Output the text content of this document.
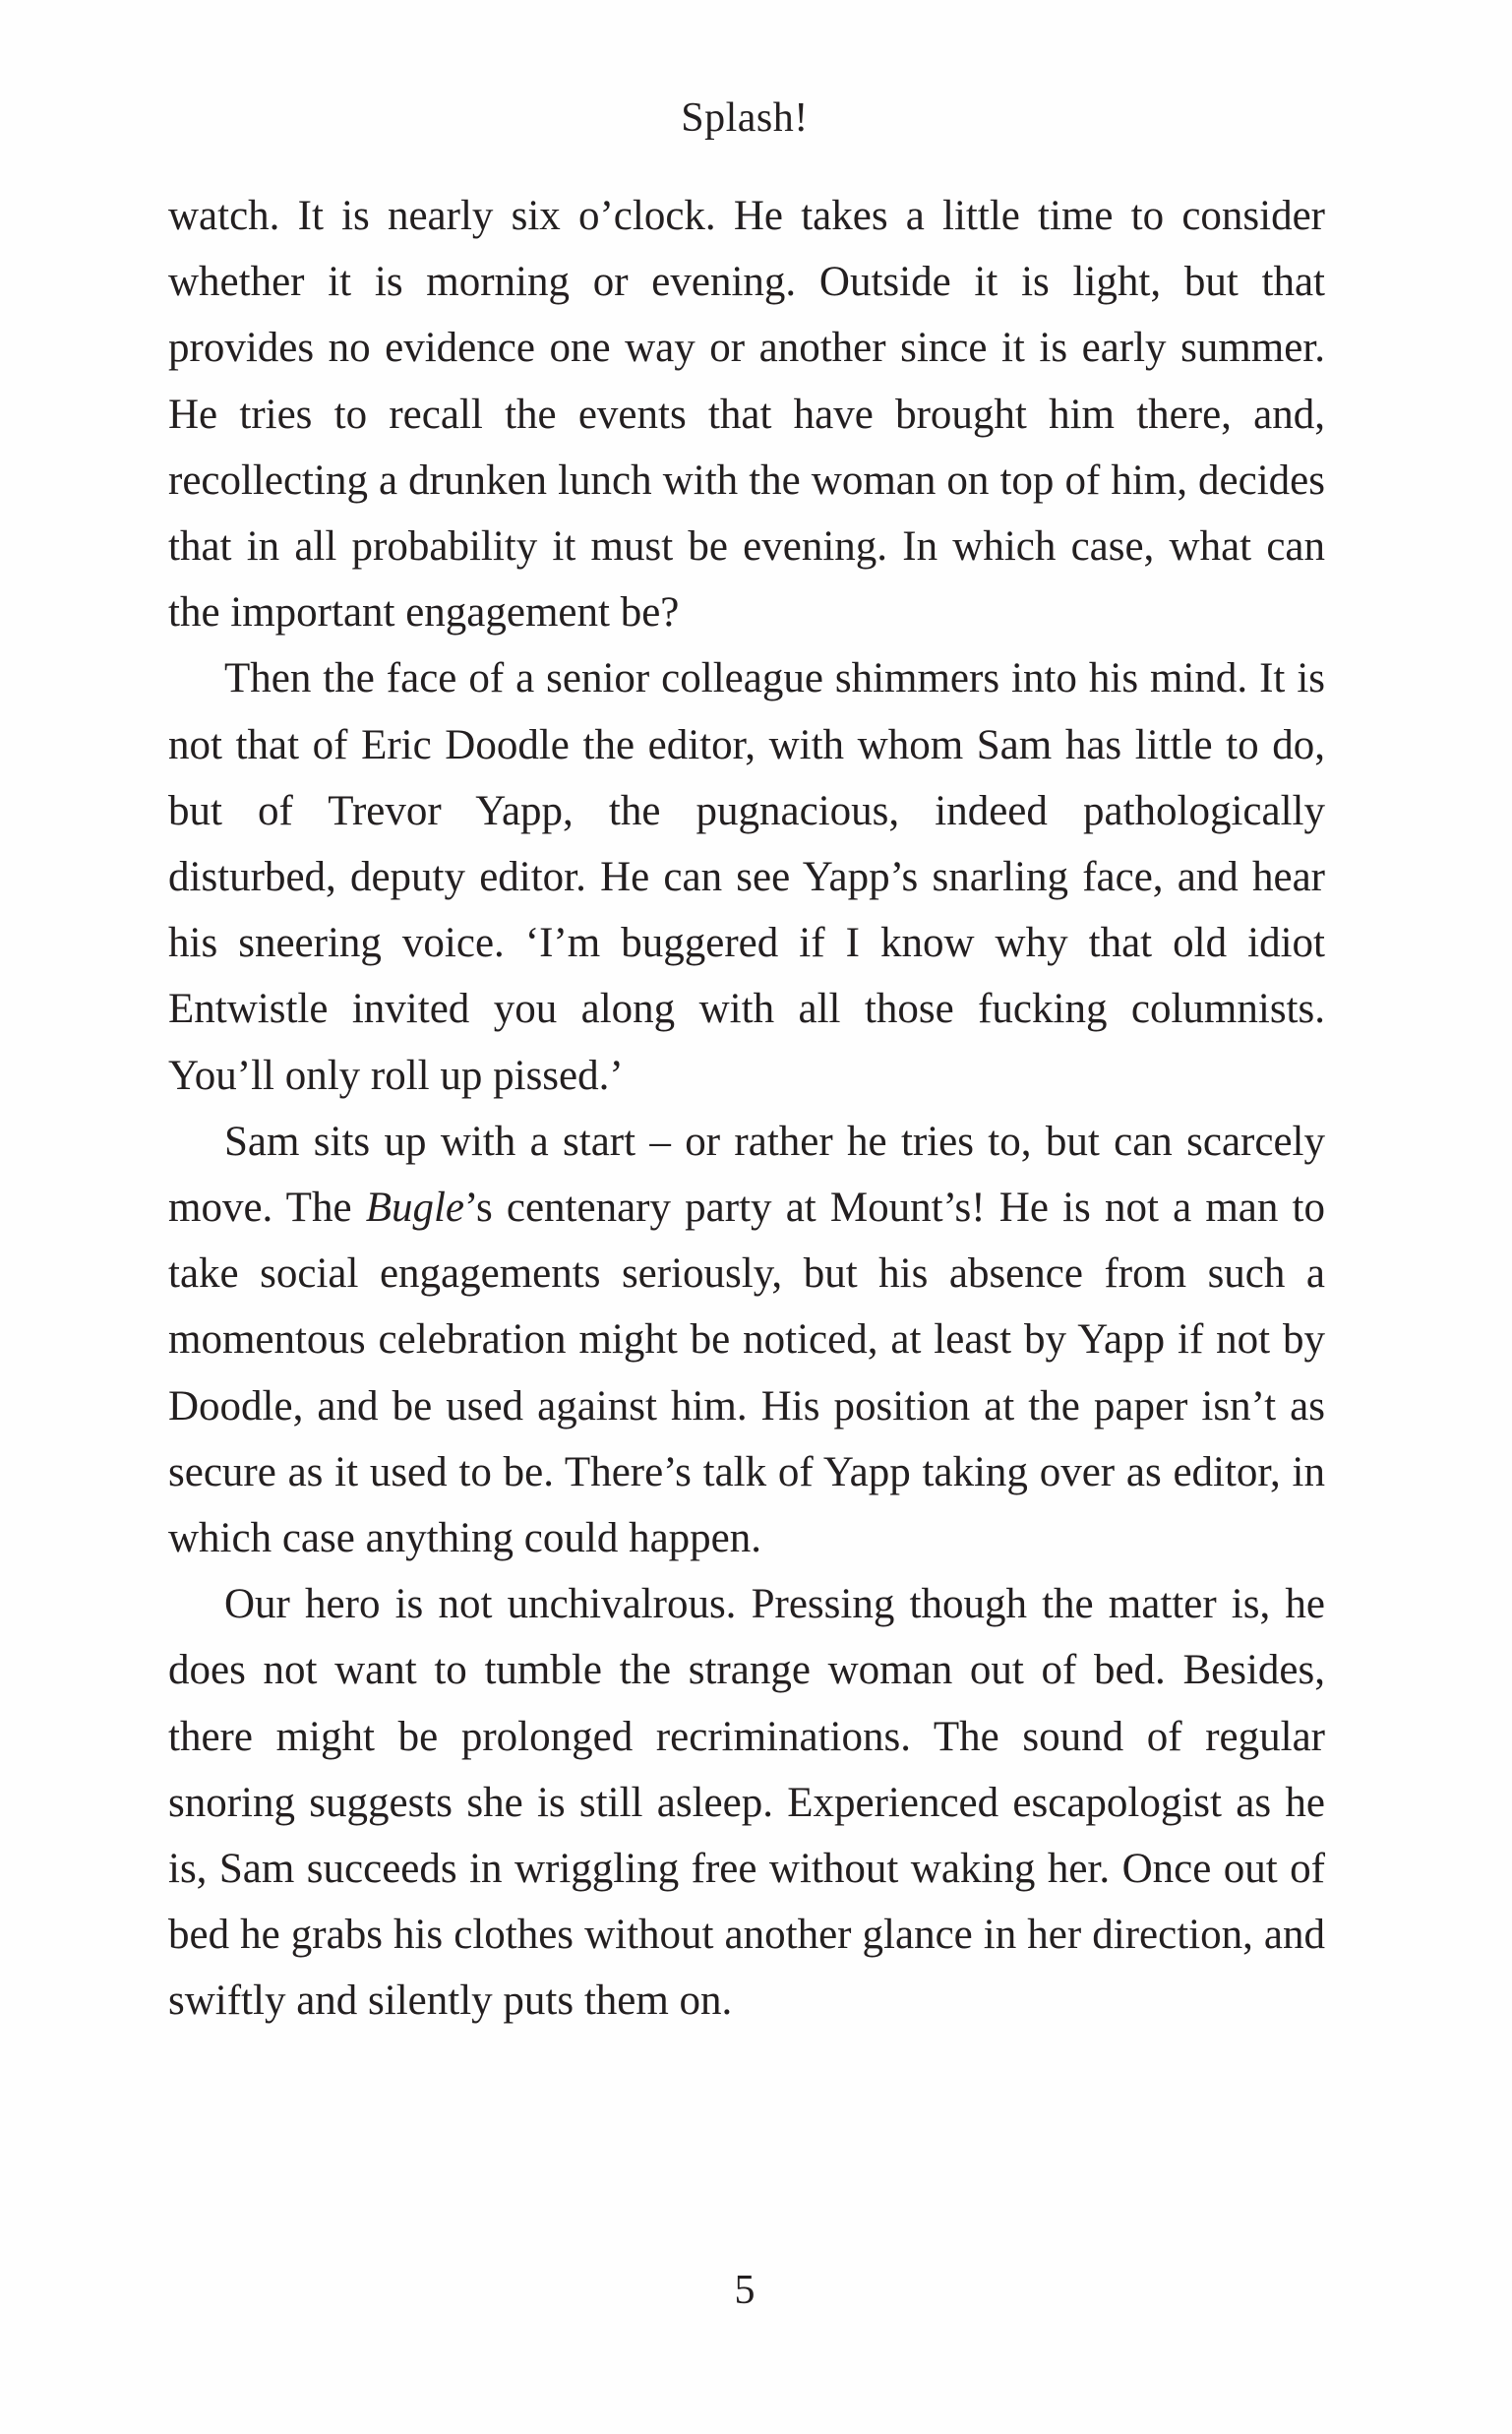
Splash!

watch. It is nearly six o’clock. He takes a little time to consider whether it is morning or evening. Outside it is light, but that provides no evidence one way or another since it is early summer. He tries to recall the events that have brought him there, and, recollecting a drunken lunch with the woman on top of him, decides that in all probability it must be evening. In which case, what can the important engagement be?

Then the face of a senior colleague shimmers into his mind. It is not that of Eric Doodle the editor, with whom Sam has little to do, but of Trevor Yapp, the pugnacious, indeed pathologically disturbed, deputy editor. He can see Yapp’s snarling face, and hear his sneering voice. ‘I’m buggered if I know why that old idiot Entwistle invited you along with all those fucking columnists. You’ll only roll up pissed.’

Sam sits up with a start – or rather he tries to, but can scarcely move. The Bugle’s centenary party at Mount’s! He is not a man to take social engagements seriously, but his absence from such a momentous celebration might be noticed, at least by Yapp if not by Doodle, and be used against him. His position at the paper isn’t as secure as it used to be. There’s talk of Yapp taking over as editor, in which case anything could happen.

Our hero is not unchivalrous. Pressing though the matter is, he does not want to tumble the strange woman out of bed. Besides, there might be prolonged recriminations. The sound of regular snoring suggests she is still asleep. Experienced escapologist as he is, Sam succeeds in wriggling free without waking her. Once out of bed he grabs his clothes without another glance in her direction, and swiftly and silently puts them on.

5
